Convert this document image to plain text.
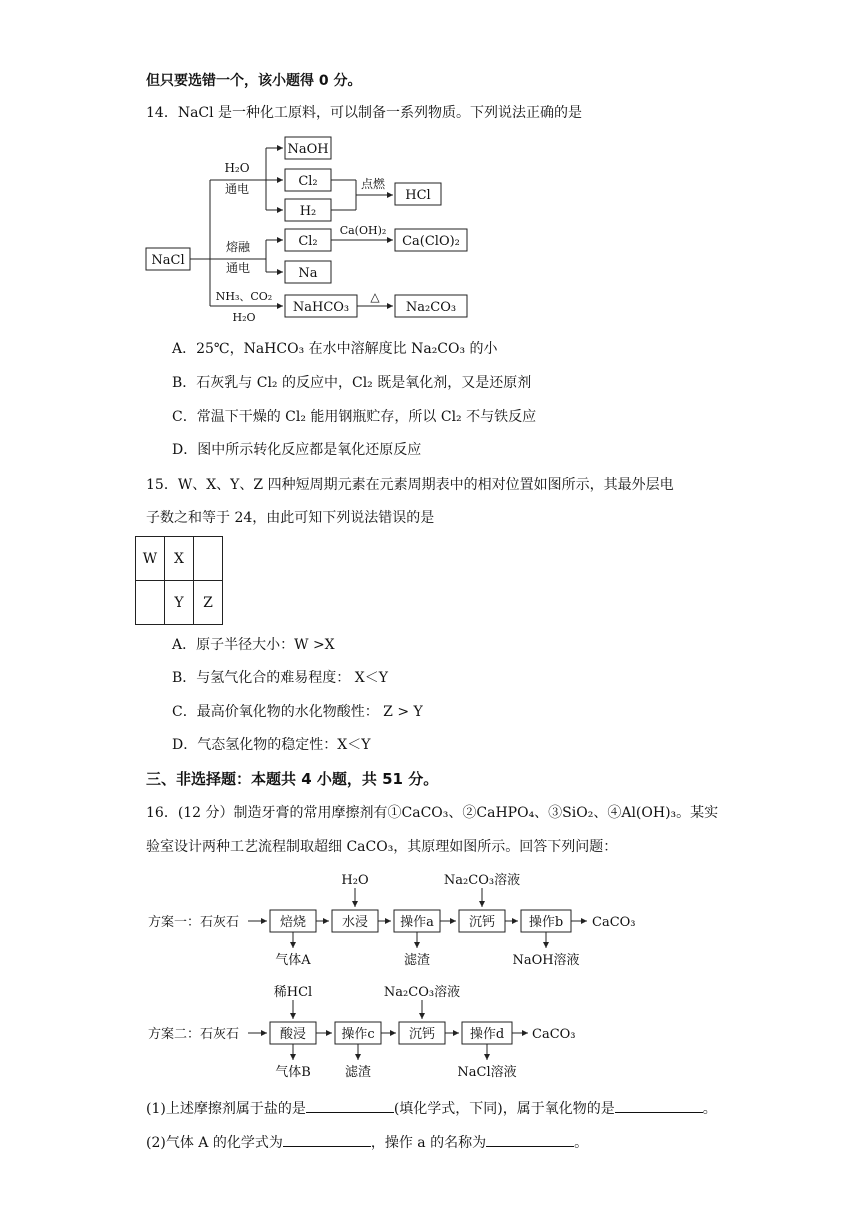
但只要选错一个，该小题得 0 分。
14．NaCl 是一种化工原料，可以制备一系列物质。下列说法正确的是
NaCl
H₂O
通电
NaOH
Cl₂
H₂
点燃
HCl
熔融
通电
Cl₂
Ca(OH)₂
Ca(ClO)₂
Na
NH₃、CO₂
H₂O
NaHCO₃
△
Na₂CO₃
A．25℃，NaHCO₃ 在水中溶解度比 Na₂CO₃ 的小
B．石灰乳与 Cl₂ 的反应中，Cl₂ 既是氧化剂，又是还原剂
C．常温下干燥的 Cl₂ 能用钢瓶贮存，所以 Cl₂ 不与铁反应
D．图中所示转化反应都是氧化还原反应
15．W、X、Y、Z 四种短周期元素在元素周期表中的相对位置如图所示，其最外层电
子数之和等于 24，由此可知下列说法错误的是
W	X	
	Y	Z
A．原子半径大小：W >X
B．与氢气化合的难易程度： X＜Y
C．最高价氧化物的水化物酸性： Z > Y
D．气态氢化物的稳定性：X＜Y
三、非选择题：本题共 4 小题，共 51 分。
16．(12 分）制造牙膏的常用摩擦剂有①CaCO₃、②CaHPO₄、③SiO₂、④Al(OH)₃。某实
验室设计两种工艺流程制取超细 CaCO₃，其原理如图所示。回答下列问题：
方案一：石灰石	焙烧	水浸 操作a	沉钙	操作b CaCO₃
H₂O	Na₂CO₃溶液
气体A	滤渣	NaOH溶液
方案二：石灰石	酸浸	操作c	沉钙	操作d CaCO₃
稀HCl	Na₂CO₃溶液
气体B	滤渣	NaCl溶液
(1)上述摩擦剂属于盐的是	(填化学式，下同)，属于氧化物的是	。
(2)气体 A 的化学式为	，操作 a 的名称为	。
